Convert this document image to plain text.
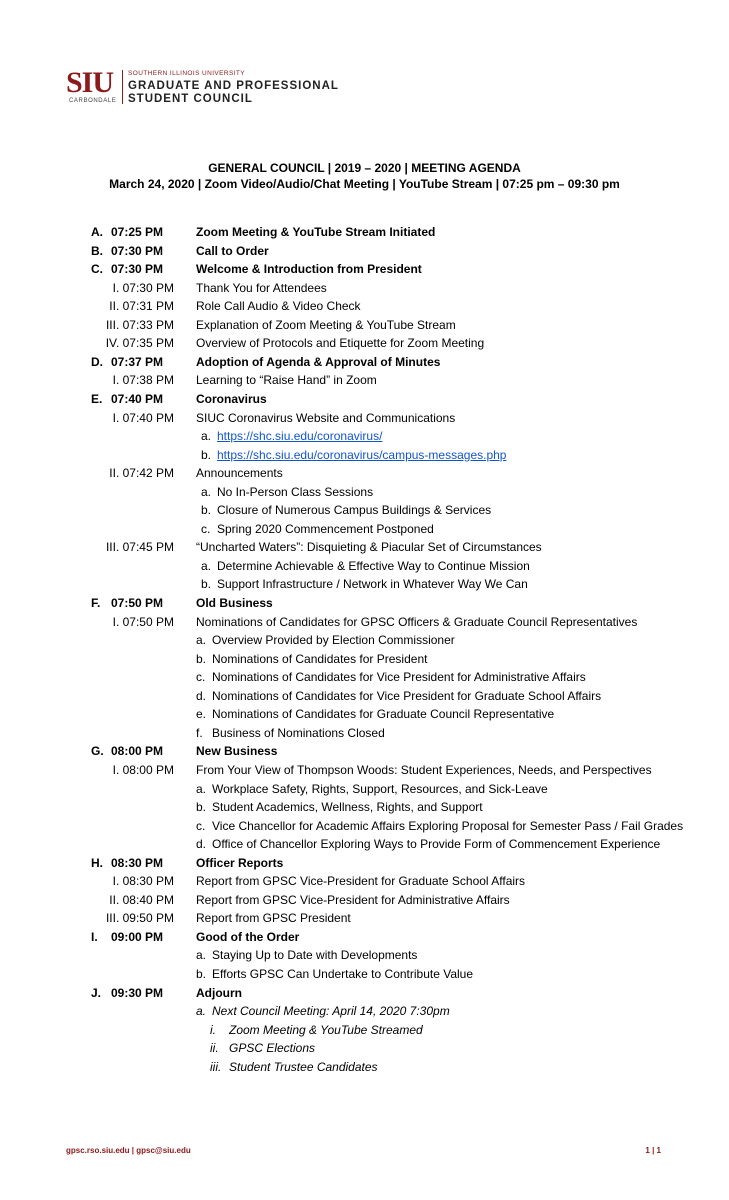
SIU
CARBONDALE
SOUTHERN ILLINOIS UNIVERSITY
GRADUATE AND PROFESSIONAL
STUDENT COUNCIL
GENERAL COUNCIL | 2019 – 2020 | MEETING AGENDA
March 24, 2020 | Zoom Video/Audio/Chat Meeting | YouTube Stream | 07:25 pm – 09:30 pm
A. 07:25 PM	Zoom Meeting & YouTube Stream Initiated
B. 07:30 PM	Call to Order
C. 07:30 PM	Welcome & Introduction from President
I. 07:30 PM Thank You for Attendees
II. 07:31 PM Role Call Audio & Video Check
III. 07:33 PM Explanation of Zoom Meeting & YouTube Stream
IV. 07:35 PM Overview of Protocols and Etiquette for Zoom Meeting
D. 07:37 PM	Adoption of Agenda & Approval of Minutes
I. 07:38 PM Learning to “Raise Hand” in Zoom
E. 07:40 PM	Coronavirus
I. 07:40 PM SIUC Coronavirus Website and Communications
a. https://shc.siu.edu/coronavirus/
b. https://shc.siu.edu/coronavirus/campus-messages.php
II. 07:42 PM Announcements
a. No In-Person Class Sessions
b. Closure of Numerous Campus Buildings & Services
c. Spring 2020 Commencement Postponed
III. 07:45 PM “Uncharted Waters”: Disquieting & Piacular Set of Circumstances
a. Determine Achievable & Effective Way to Continue Mission
b. Support Infrastructure / Network in Whatever Way We Can
F. 07:50 PM	Old Business
I. 07:50 PM Nominations of Candidates for GPSC Officers & Graduate Council Representatives
a. Overview Provided by Election Commissioner
b. Nominations of Candidates for President
c. Nominations of Candidates for Vice President for Administrative Affairs
d. Nominations of Candidates for Vice President for Graduate School Affairs
e. Nominations of Candidates for Graduate Council Representative
f. Business of Nominations Closed
G. 08:00 PM	New Business
I. 08:00 PM From Your View of Thompson Woods: Student Experiences, Needs, and Perspectives
a. Workplace Safety, Rights, Support, Resources, and Sick-Leave
b. Student Academics, Wellness, Rights, and Support
c. Vice Chancellor for Academic Affairs Exploring Proposal for Semester Pass / Fail Grades
d. Office of Chancellor Exploring Ways to Provide Form of Commencement Experience
H. 08:30 PM	Officer Reports
I. 08:30 PM Report from GPSC Vice-President for Graduate School Affairs
II. 08:40 PM Report from GPSC Vice-President for Administrative Affairs
III. 09:50 PM Report from GPSC President
I. 09:00 PM	Good of the Order
a. Staying Up to Date with Developments
b. Efforts GPSC Can Undertake to Contribute Value
J. 09:30 PM	Adjourn
a. Next Council Meeting: April 14, 2020 7:30pm
i. Zoom Meeting & YouTube Streamed
ii. GPSC Elections
iii. Student Trustee Candidates
gpsc.rso.siu.edu | gpsc@siu.edu	1 | 1
